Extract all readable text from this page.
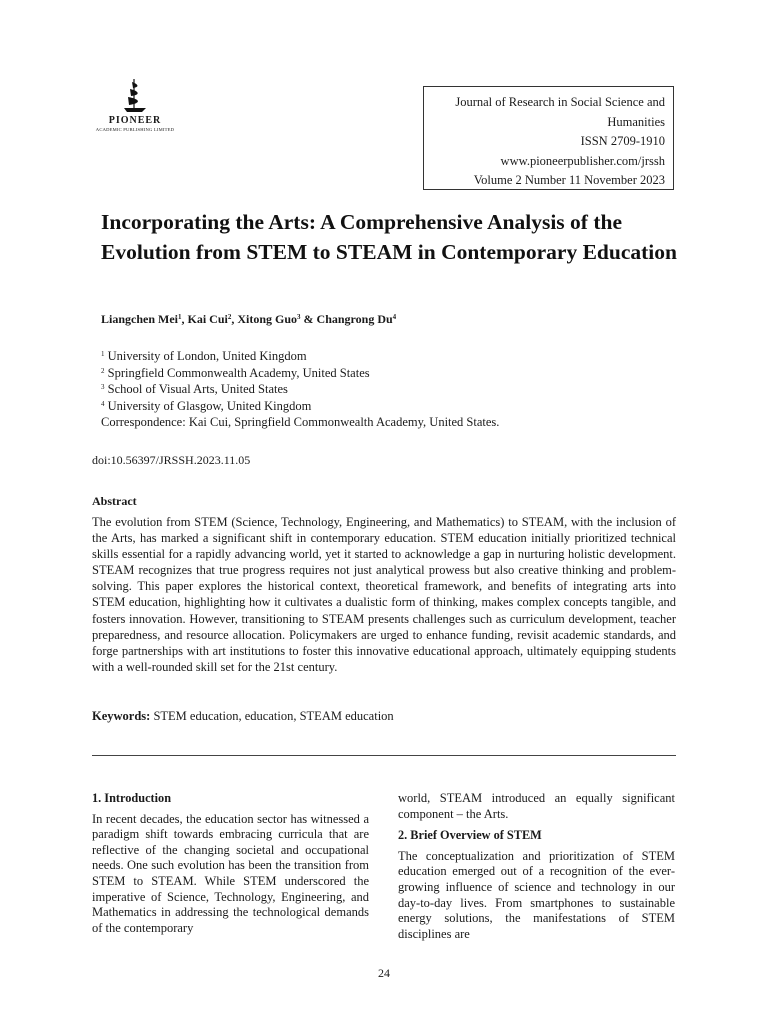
PIONEER
ACADEMIC PUBLISHING LIMITED
Journal of Research in Social Science and
Humanities
ISSN 2709-1910
www.pioneerpublisher.com/jrssh
Volume 2 Number 11 November 2023
Incorporating the Arts: A Comprehensive Analysis of the Evolution from STEM to STEAM in Contemporary Education
Liangchen Mei$^1$, Kai Cui$^2$, Xitong Guo$^3$ & Changrong Du$^4$
$^1$ University of London, United Kingdom
$^2$ Springfield Commonwealth Academy, United States
$^3$ School of Visual Arts, United States
$^4$ University of Glasgow, United Kingdom
Correspondence: Kai Cui, Springfield Commonwealth Academy, United States.
doi:10.56397/JRSSH.2023.11.05
Abstract
The evolution from STEM (Science, Technology, Engineering, and Mathematics) to STEAM, with the inclusion of the Arts, has marked a significant shift in contemporary education. STEM education initially prioritized technical skills essential for a rapidly advancing world, yet it started to acknowledge a gap in nurturing holistic development. STEAM recognizes that true progress requires not just analytical prowess but also creative thinking and problem-solving. This paper explores the historical context, theoretical framework, and benefits of integrating arts into STEM education, highlighting how it cultivates a dualistic form of thinking, makes complex concepts tangible, and fosters innovation. However, transitioning to STEAM presents challenges such as curriculum development, teacher preparedness, and resource allocation. Policymakers are urged to enhance funding, revisit academic standards, and forge partnerships with art institutions to foster this innovative educational approach, ultimately equipping students with a well-rounded skill set for the 21st century.
Keywords: STEM education, education, STEAM education
1. Introduction
In recent decades, the education sector has witnessed a paradigm shift towards embracing curricula that are reflective of the changing societal and occupational needs. One such evolution has been the transition from STEM to STEAM. While STEM underscored the imperative of Science, Technology, Engineering, and Mathematics in addressing the technological demands of the contemporary
world, STEAM introduced an equally significant component – the Arts.
2. Brief Overview of STEM
The conceptualization and prioritization of STEM education emerged out of a recognition of the ever-growing influence of science and technology in our day-to-day lives. From smartphones to sustainable energy solutions, the manifestations of STEM disciplines are
24
